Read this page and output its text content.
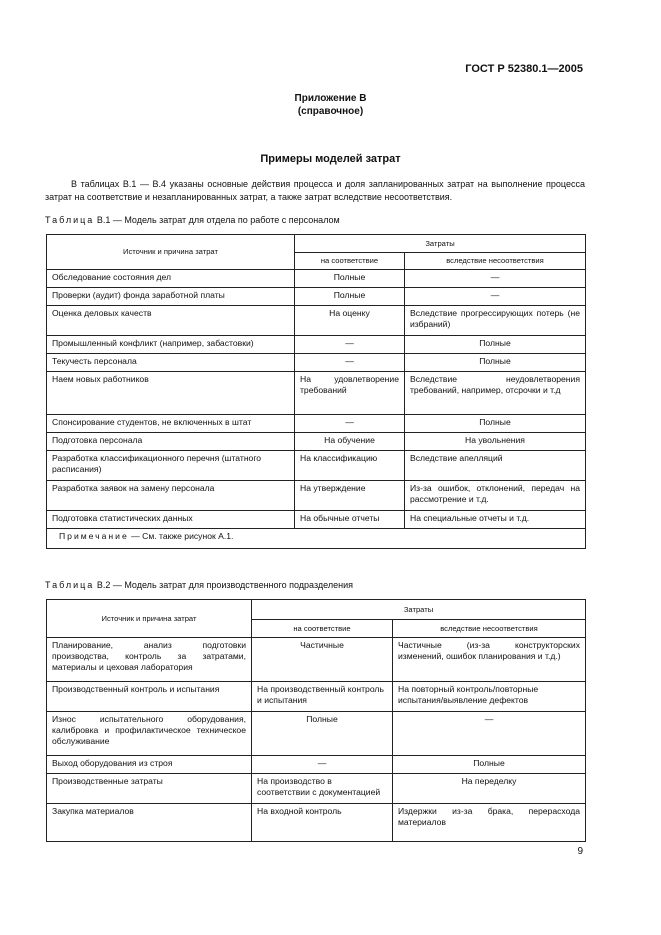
ГОСТ Р 52380.1—2005
Приложение В
(справочное)
Примеры моделей затрат
В таблицах В.1 — В.4 указаны основные действия процесса и доля запланированных затрат на выполнение процесса затрат на соответствие и незапланированных затрат, а также затрат вследствие несоответствия.
Таблица В.1 — Модель затрат для отдела по работе с персоналом
Источник и причина затрат	Затраты	
	на соответствие	вследствие несоответствия
Обследование состояния дел	Полные	—
Проверки (аудит) фонда заработной платы	Полные	—
Оценка деловых качеств	На оценку	Вследствие прогрессирующих потерь (не избраний)
Промышленный конфликт (например, забастовки)	—	Полные
Текучесть персонала	—	Полные
Наем новых работников	На удовлетворение требований	Вследствие неудовлетворения требований, например, отсрочки и т.д
Спонсирование студентов, не включенных в штат	—	Полные
Подготовка персонала	На обучение	На увольнения
Разработка классификационного перечня (штатного расписания)	На классификацию	Вследствие апелляций
Разработка заявок на замену персонала	На утверждение	Из-за ошибок, отклонений, передач на рассмотрение и т.д.
Подготовка статистических данных	На обычные отчеты	На специальные отчеты и т.д.
Примечание — См. также рисунок А.1.		
Таблица В.2 — Модель затрат для производственного подразделения
Источник и причина затрат	Затраты	
	на соответствие	вследствие несоответствия
Планирование, анализ подготовки производства, контроль за затратами, материалы и цеховая лаборатория	Частичные	Частичные (из-за конструкторских изменений, ошибок планирования и т.д.)
Производственный контроль и испытания	На производственный контроль и испытания	На повторный контроль/повторные испытания/выявление дефектов
Износ испытательного оборудования, калибровка и профилактическое техническое обслуживание	Полные	—
Выход оборудования из строя	—	Полные
Производственные затраты	На производство в соответствии с документацией	На переделку
Закупка материалов	На входной контроль	Издержки из-за брака, перерасхода материалов
9
